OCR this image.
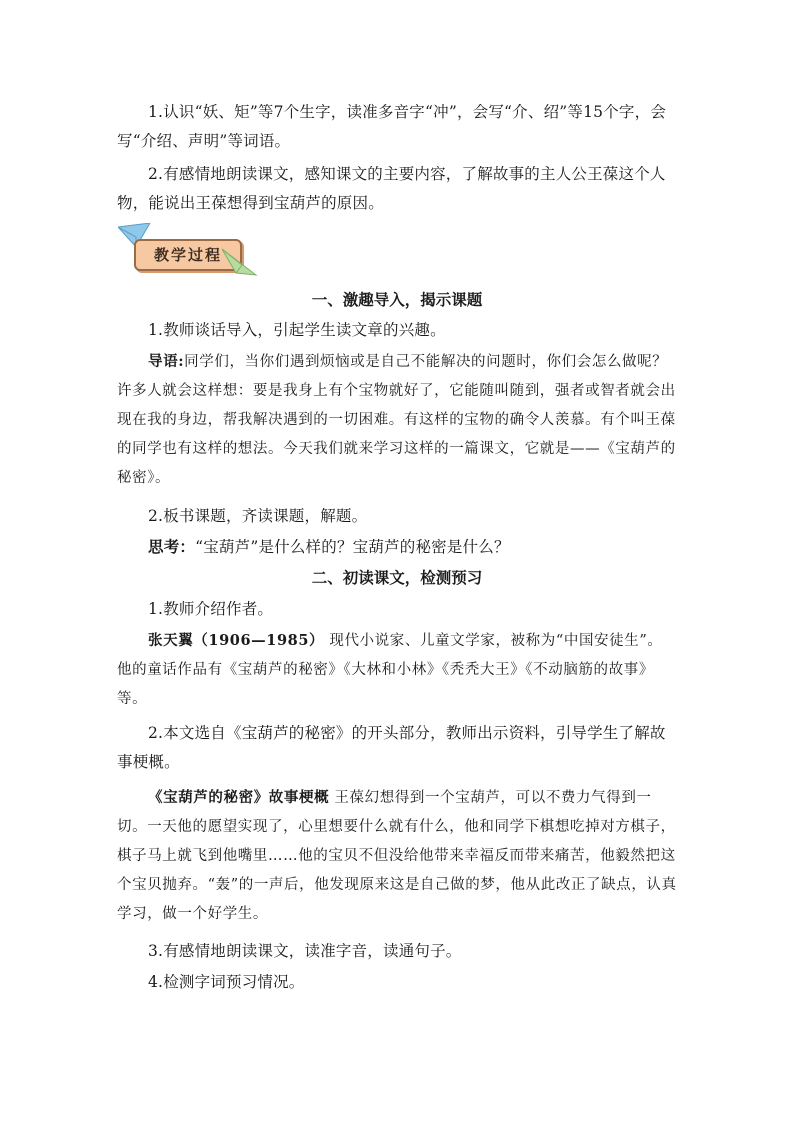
1.认识“妖、矩”等7个生字，读准多音字“冲”，会写“介、绍”等15个字，会写“介绍、声明”等词语。

2.有感情地朗读课文，感知课文的主要内容，了解故事的主人公王葆这个人物，能说出王葆想得到宝葫芦的原因。

教学过程
一、激趣导入，揭示课题

1.教师谈话导入，引起学生读文章的兴趣。

导语:同学们，当你们遇到烦恼或是自己不能解决的问题时，你们会怎么做呢？许多人就会这样想：要是我身上有个宝物就好了，它能随叫随到，强者或智者就会出现在我的身边，帮我解决遇到的一切困难。有这样的宝物的确令人羡慕。有个叫王葆的同学也有这样的想法。今天我们就来学习这样的一篇课文，它就是——《宝葫芦的秘密》。

2.板书课题，齐读课题，解题。

思考：“宝葫芦”是什么样的？宝葫芦的秘密是什么？

二、初读课文，检测预习

1.教师介绍作者。

张天翼（1906—1985） 现代小说家、儿童文学家，被称为“中国安徒生”。他的童话作品有《宝葫芦的秘密》《大林和小林》《秃秃大王》《不动脑筋的故事》等。

2.本文选自《宝葫芦的秘密》的开头部分，教师出示资料，引导学生了解故事梗概。

《宝葫芦的秘密》故事梗概 王葆幻想得到一个宝葫芦，可以不费力气得到一切。一天他的愿望实现了，心里想要什么就有什么，他和同学下棋想吃掉对方棋子，棋子马上就飞到他嘴里……他的宝贝不但没给他带来幸福反而带来痛苦，他毅然把这个宝贝抛弃。“轰”的一声后，他发现原来这是自己做的梦，他从此改正了缺点，认真学习，做一个好学生。

3.有感情地朗读课文，读准字音，读通句子。

4.检测字词预习情况。
